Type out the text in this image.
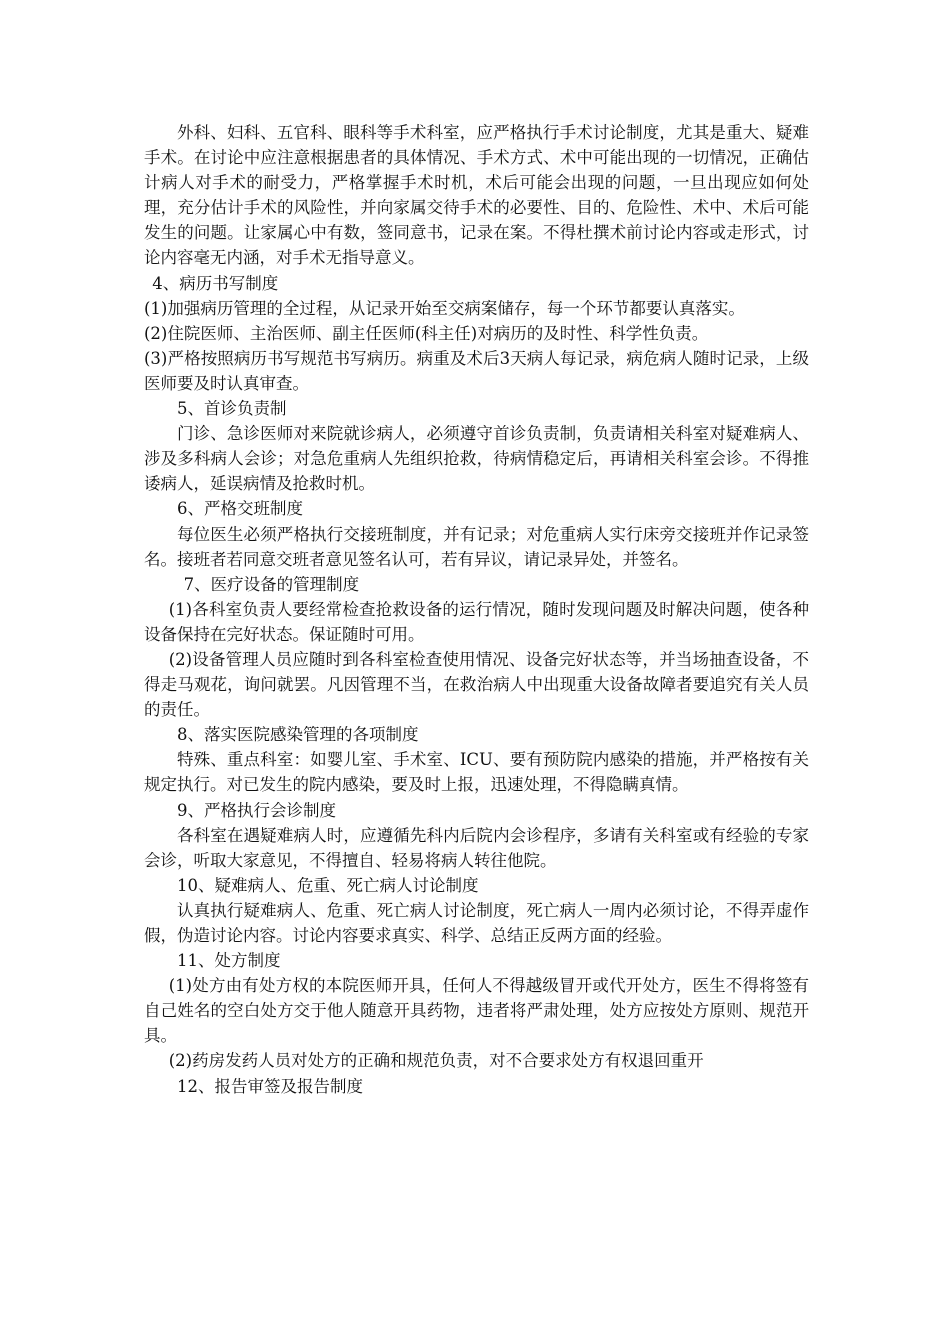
外科、妇科、五官科、眼科等手术科室，应严格执行手术讨论制度，尤其是重大、疑难手术。在讨论中应注意根据患者的具体情况、手术方式、术中可能出现的一切情况，正确估计病人对手术的耐受力，严格掌握手术时机，术后可能会出现的问题，一旦出现应如何处理，充分估计手术的风险性，并向家属交待手术的必要性、目的、危险性、术中、术后可能发生的问题。让家属心中有数，签同意书，记录在案。不得杜撰术前讨论内容或走形式，讨论内容毫无内涵，对手术无指导意义。

4、病历书写制度

(1)加强病历管理的全过程，从记录开始至交病案储存，每一个环节都要认真落实。

(2)住院医师、主治医师、副主任医师(科主任)对病历的及时性、科学性负责。

(3)严格按照病历书写规范书写病历。病重及术后3天病人每记录，病危病人随时记录，上级医师要及时认真审查。

5、首诊负责制

门诊、急诊医师对来院就诊病人，必须遵守首诊负责制，负责请相关科室对疑难病人、涉及多科病人会诊；对急危重病人先组织抢救，待病情稳定后，再请相关科室会诊。不得推诿病人，延误病情及抢救时机。

6、严格交班制度

每位医生必须严格执行交接班制度，并有记录；对危重病人实行床旁交接班并作记录签名。接班者若同意交班者意见签名认可，若有异议，请记录异处，并签名。

7、医疗设备的管理制度

(1)各科室负责人要经常检查抢救设备的运行情况，随时发现问题及时解决问题，使各种设备保持在完好状态。保证随时可用。

(2)设备管理人员应随时到各科室检查使用情况、设备完好状态等，并当场抽查设备，不得走马观花，询问就罢。凡因管理不当，在救治病人中出现重大设备故障者要追究有关人员的责任。

8、落实医院感染管理的各项制度

特殊、重点科室：如婴儿室、手术室、ICU、要有预防院内感染的措施，并严格按有关规定执行。对已发生的院内感染，要及时上报，迅速处理，不得隐瞒真情。

9、严格执行会诊制度

各科室在遇疑难病人时，应遵循先科内后院内会诊程序，多请有关科室或有经验的专家会诊，听取大家意见，不得擅自、轻易将病人转往他院。

10、疑难病人、危重、死亡病人讨论制度

认真执行疑难病人、危重、死亡病人讨论制度，死亡病人一周内必须讨论，不得弄虚作假，伪造讨论内容。讨论内容要求真实、科学、总结正反两方面的经验。

11、处方制度

(1)处方由有处方权的本院医师开具，任何人不得越级冒开或代开处方，医生不得将签有自己姓名的空白处方交于他人随意开具药物，违者将严肃处理，处方应按处方原则、规范开具。

(2)药房发药人员对处方的正确和规范负责，对不合要求处方有权退回重开

12、报告审签及报告制度
